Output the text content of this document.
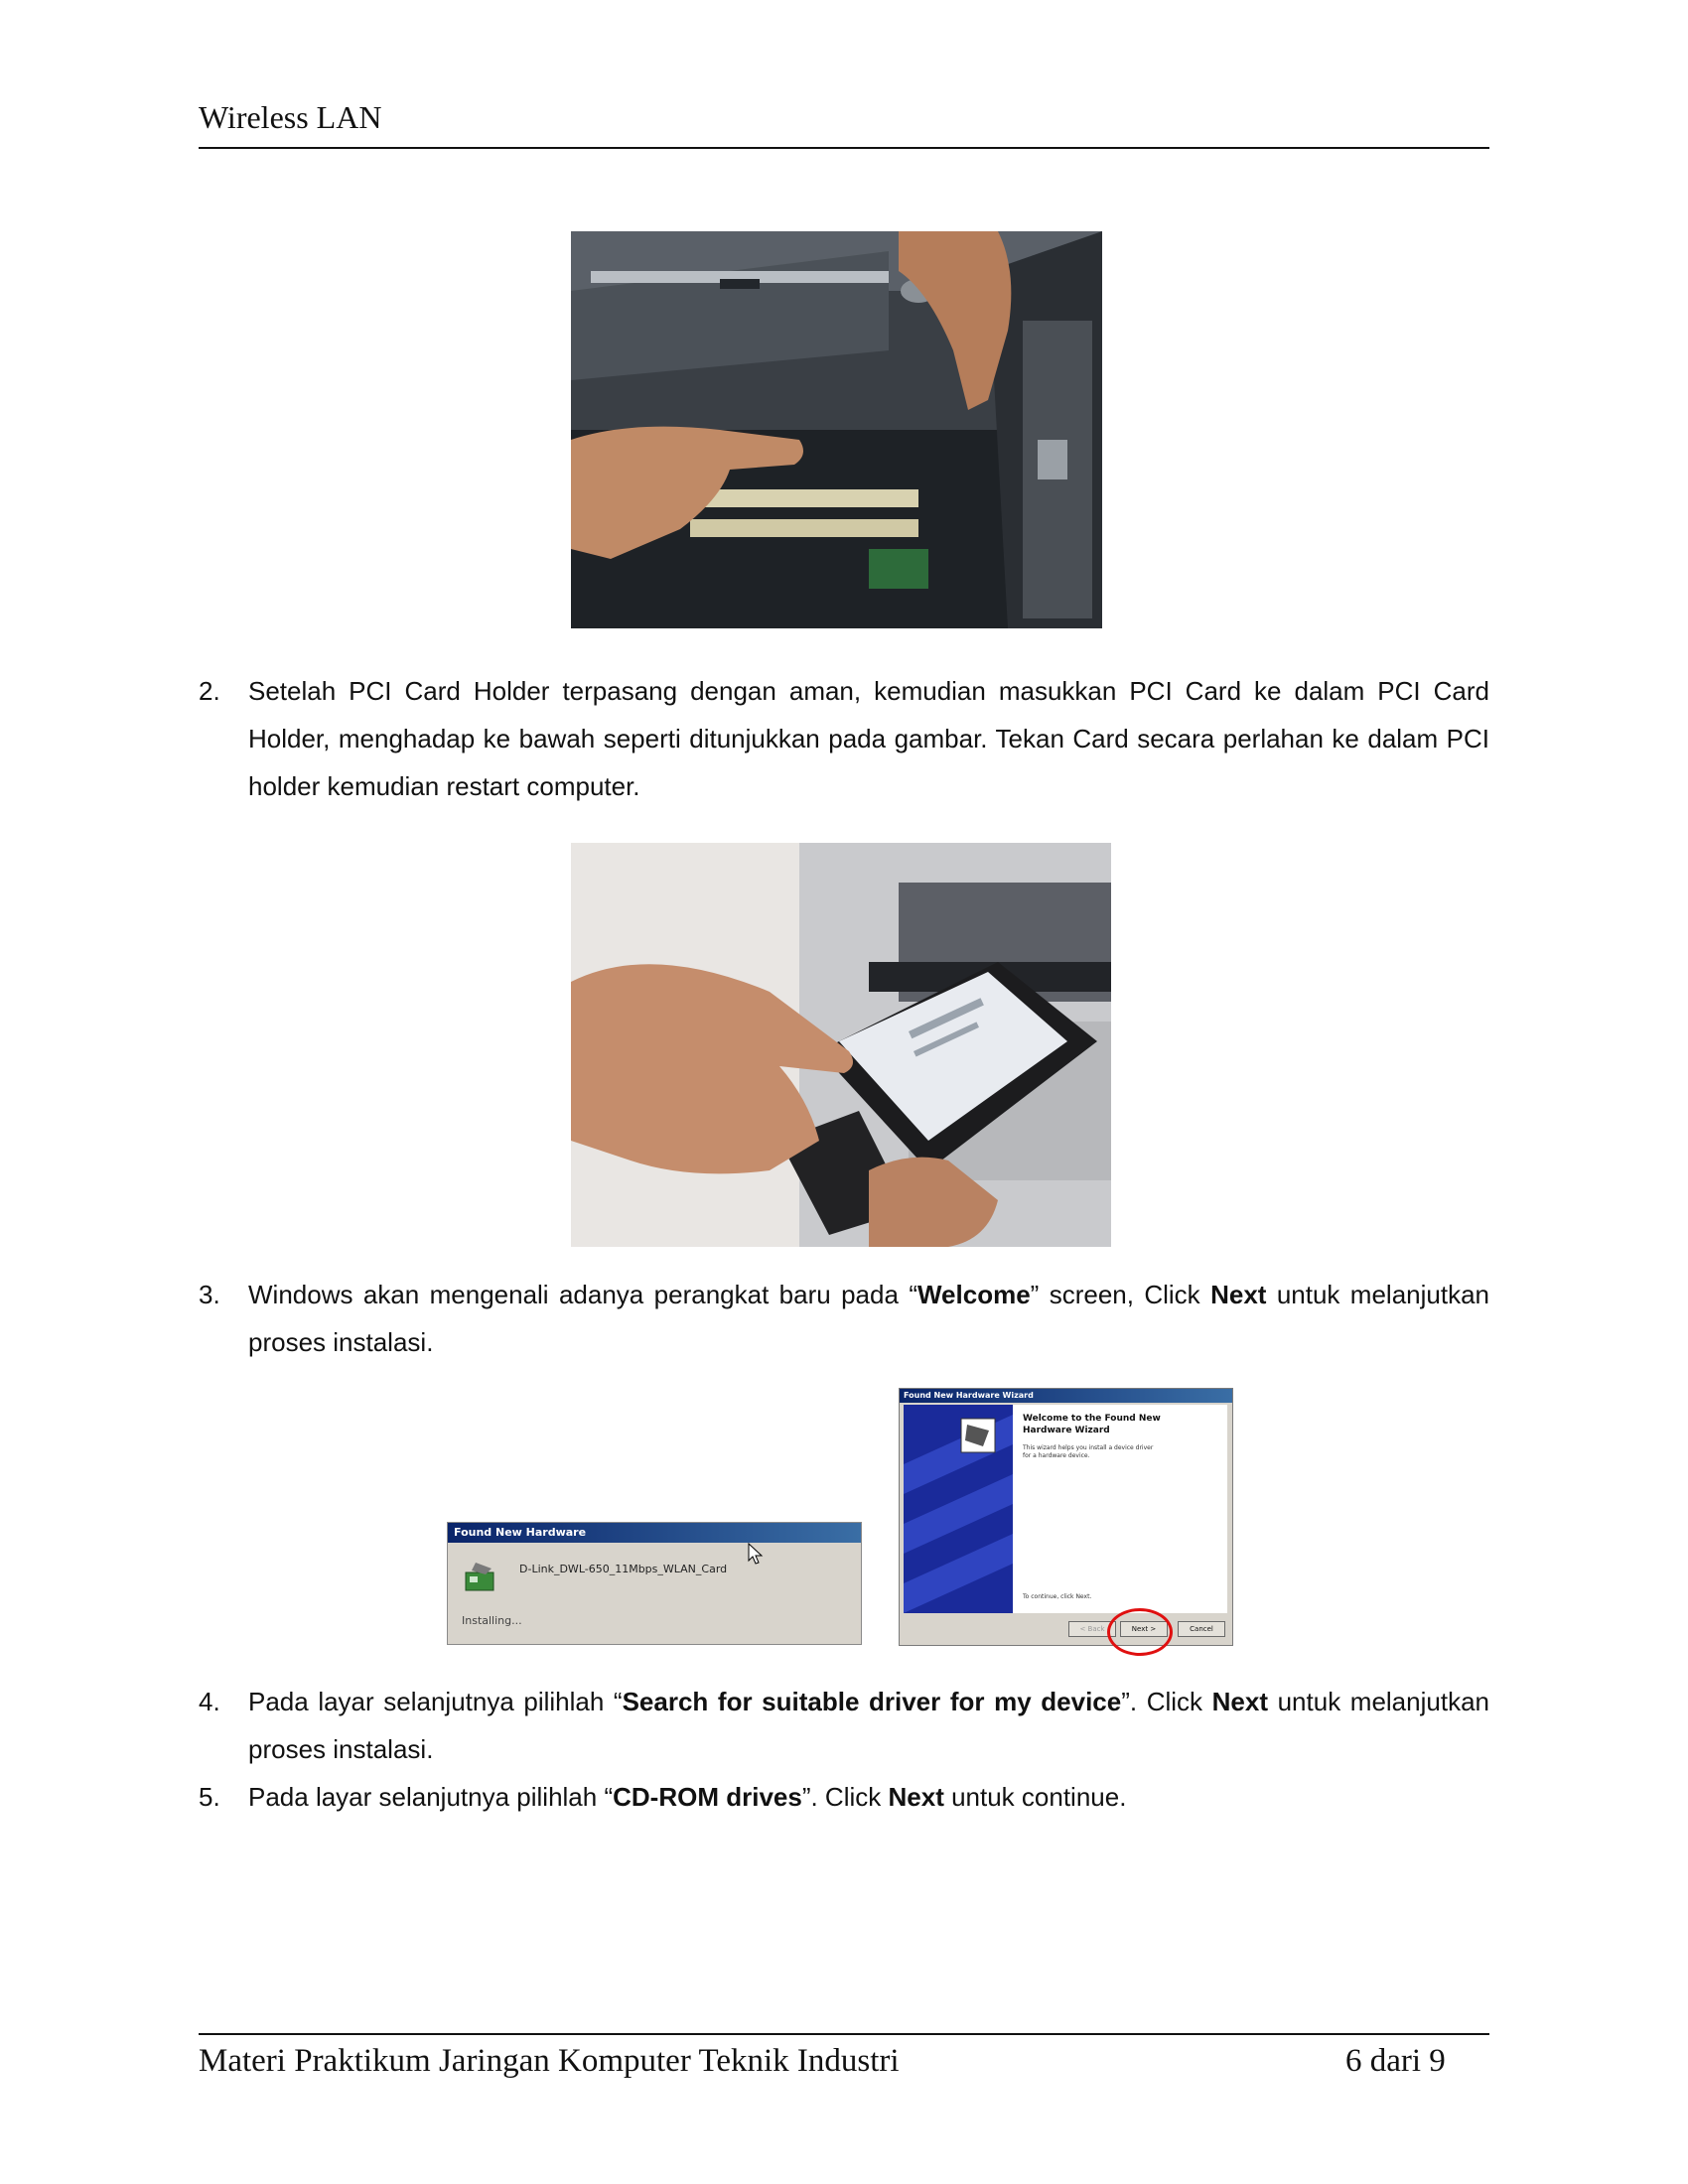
Wireless LAN
2.	Setelah PCI Card Holder terpasang dengan aman, kemudian masukkan PCI Card ke dalam PCI Card Holder, menghadap ke bawah seperti ditunjukkan pada gambar. Tekan Card secara perlahan ke dalam PCI holder kemudian restart computer.
3.	Windows akan mengenali adanya perangkat baru pada “Welcome” screen, Click Next untuk melanjutkan proses instalasi.
Found New Hardware
D-Link_DWL-650_11Mbps_WLAN_Card
Installing...
Found New Hardware Wizard
Welcome to the Found New Hardware Wizard
This wizard helps you install a device driver for a hardware device.
To continue, click Next.
< Back	Next >	Cancel
4.	Pada layar selanjutnya pilihlah “Search for suitable driver for my device”. Click Next untuk melanjutkan proses instalasi.
5.	Pada layar selanjutnya pilihlah “CD-ROM drives”. Click Next untuk continue.
Materi Praktikum Jaringan Komputer Teknik Industri	6 dari 9
